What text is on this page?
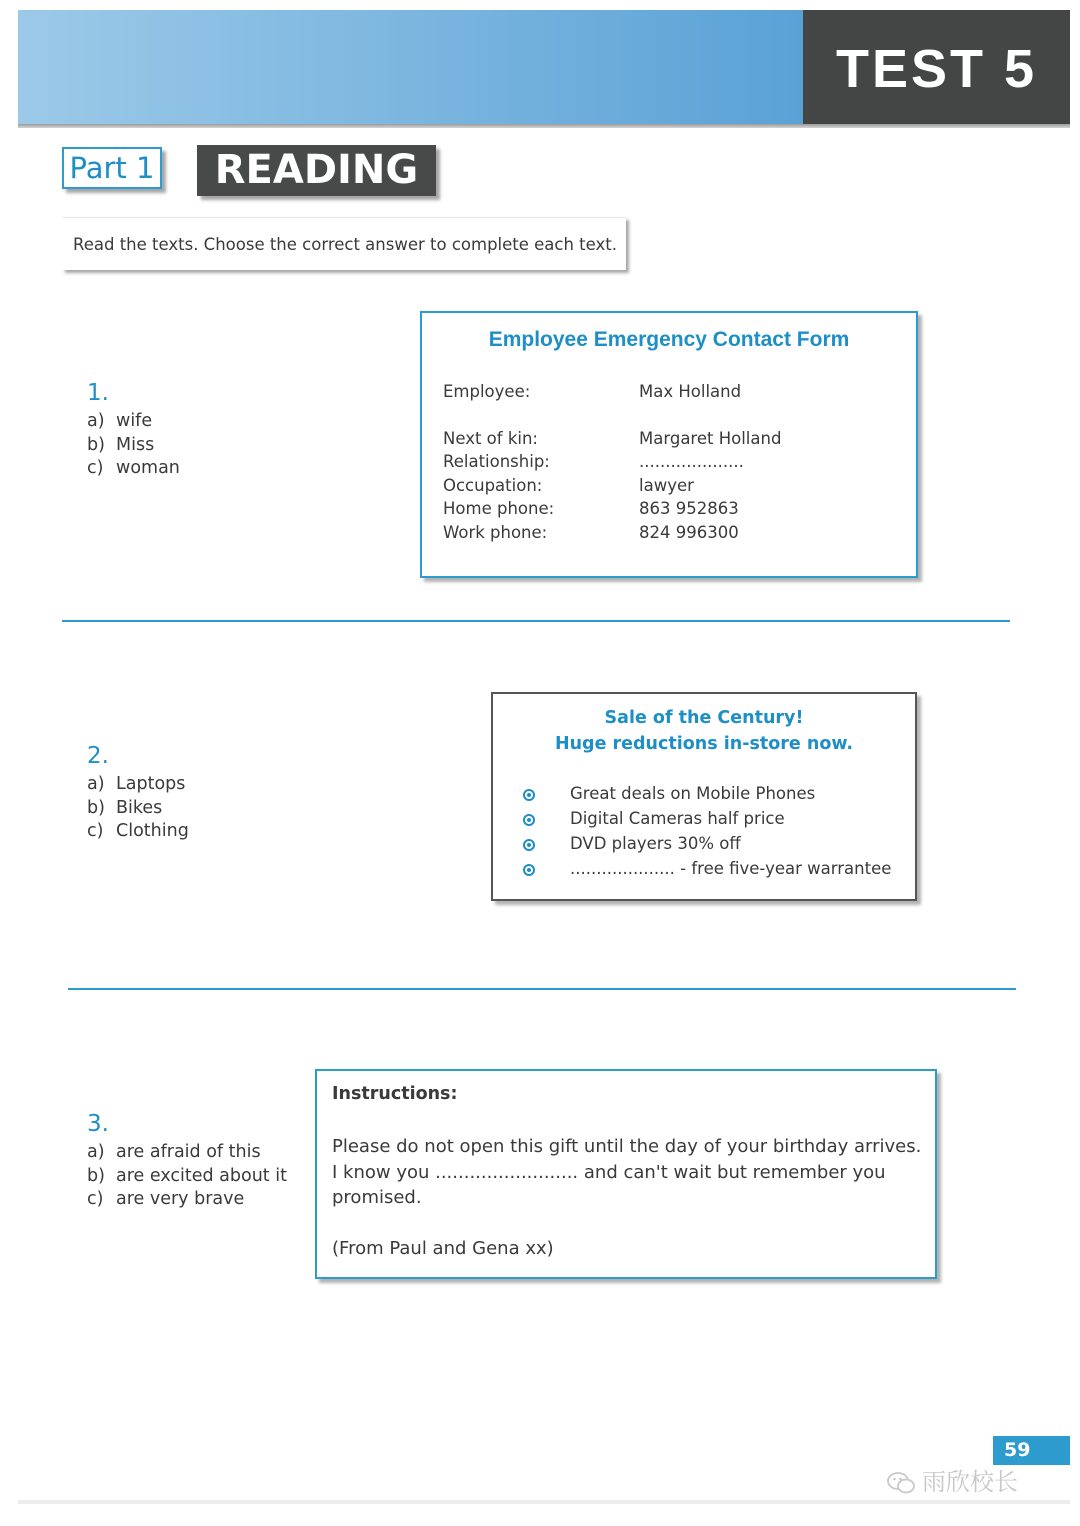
TEST 5
Part 1	READING
Read the texts. Choose the correct answer to complete each text.
1.
a) wife
b) Miss
c) woman
Employee Emergency Contact Form
Employee:	Max Holland
Next of kin:	Margaret Holland
Relationship:	....................
Occupation:	lawyer
Home phone:	863 952863
Work phone:	824 996300
2.
a) Laptops
b) Bikes
c) Clothing
Sale of the Century!
Huge reductions in-store now.
Great deals on Mobile Phones
Digital Cameras half price
DVD players 30% off
.................... - free five-year warrantee
3.
a) are afraid of this
b) are excited about it
c) are very brave
Instructions:
Please do not open this gift until the day of your birthday arrives.
I know you ......................... and can't wait but remember you
promised.
(From Paul and Gena xx)
59
雨欣校长
